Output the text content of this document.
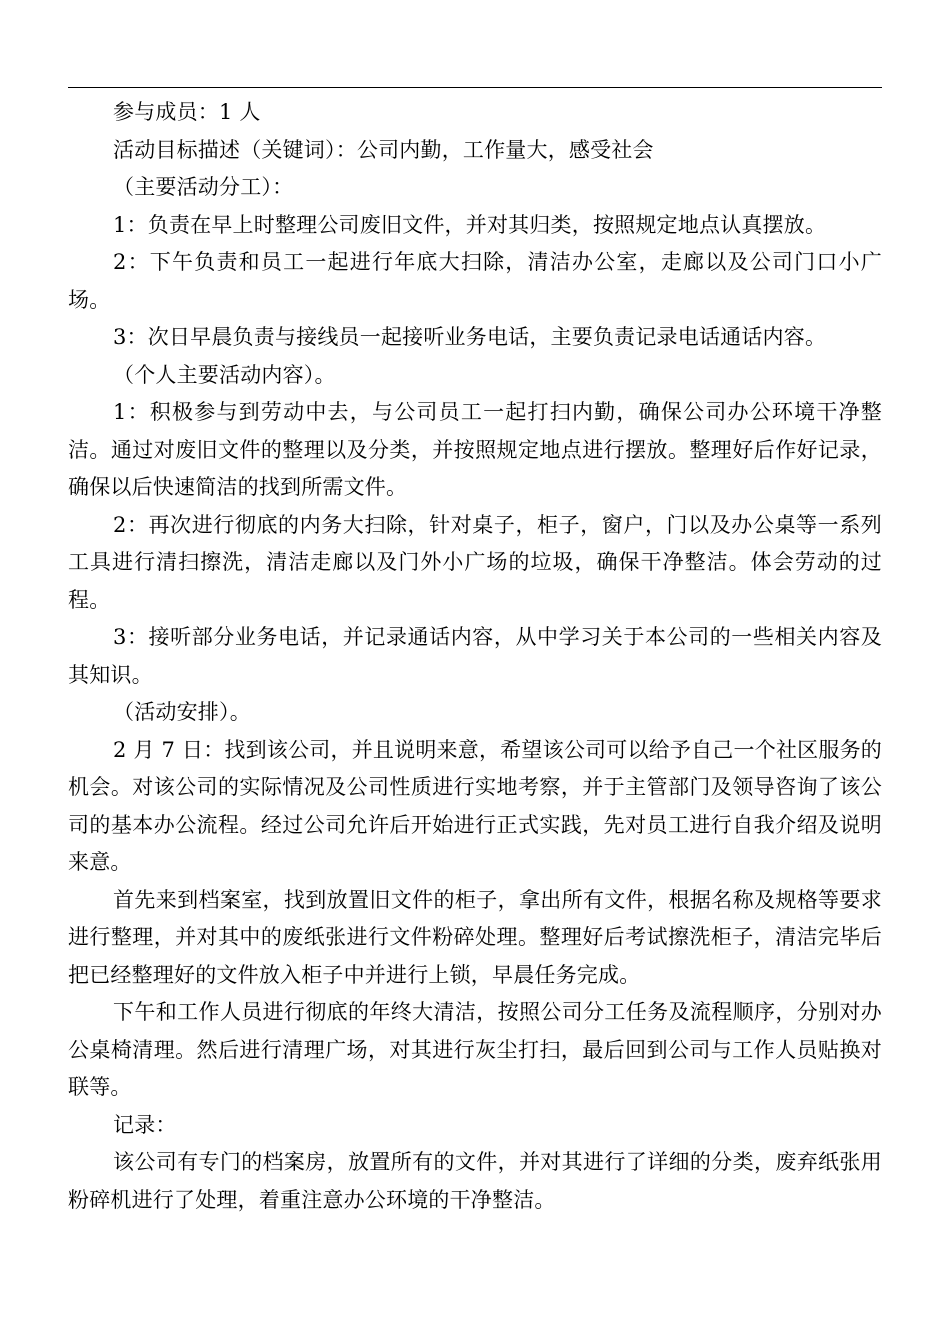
参与成员：1 人

活动目标描述（关键词）：公司内勤，工作量大，感受社会

（主要活动分工）：

1：负责在早上时整理公司废旧文件，并对其归类，按照规定地点认真摆放。

2：下午负责和员工一起进行年底大扫除，清洁办公室，走廊以及公司门口小广场。

3：次日早晨负责与接线员一起接听业务电话，主要负责记录电话通话内容。

（个人主要活动内容）。

1：积极参与到劳动中去，与公司员工一起打扫内勤，确保公司办公环境干净整洁。通过对废旧文件的整理以及分类，并按照规定地点进行摆放。整理好后作好记录，确保以后快速简洁的找到所需文件。

2：再次进行彻底的内务大扫除，针对桌子，柜子，窗户，门以及办公桌等一系列工具进行清扫擦洗，清洁走廊以及门外小广场的垃圾，确保干净整洁。体会劳动的过程。

3：接听部分业务电话，并记录通话内容，从中学习关于本公司的一些相关内容及其知识。

（活动安排）。

2 月 7 日：找到该公司，并且说明来意，希望该公司可以给予自己一个社区服务的机会。对该公司的实际情况及公司性质进行实地考察，并于主管部门及领导咨询了该公司的基本办公流程。经过公司允许后开始进行正式实践，先对员工进行自我介绍及说明来意。

首先来到档案室，找到放置旧文件的柜子，拿出所有文件，根据名称及规格等要求进行整理，并对其中的废纸张进行文件粉碎处理。整理好后考试擦洗柜子，清洁完毕后把已经整理好的文件放入柜子中并进行上锁，早晨任务完成。

下午和工作人员进行彻底的年终大清洁，按照公司分工任务及流程顺序，分别对办公桌椅清理。然后进行清理广场，对其进行灰尘打扫，最后回到公司与工作人员贴换对联等。

记录：

该公司有专门的档案房，放置所有的文件，并对其进行了详细的分类，废弃纸张用粉碎机进行了处理，着重注意办公环境的干净整洁。
